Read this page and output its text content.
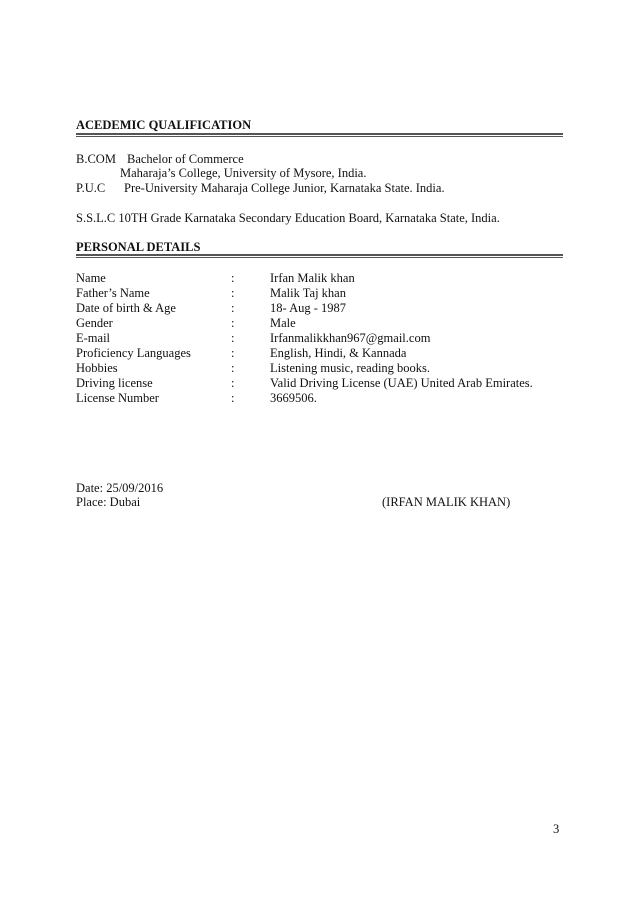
ACEDEMIC QUALIFICATION
B.COM Bachelor of Commerce
Maharaja’s College, University of Mysore, India.
P.U.C Pre-University Maharaja College Junior, Karnataka State. India.
S.S.L.C 10TH Grade Karnataka Secondary Education Board, Karnataka State, India.
PERSONAL DETAILS
Name	:	Irfan Malik khan
Father’s Name	:	Malik Taj khan
Date of birth & Age	:	18- Aug - 1987
Gender	:	Male
E-mail	:	Irfanmalikkhan967@gmail.com
Proficiency Languages	:	English, Hindi, & Kannada
Hobbies	:	Listening music, reading books.
Driving license	:	Valid Driving License (UAE) United Arab Emirates.
License Number	:	3669506.
Date: 25/09/2016
Place: Dubai	(IRFAN MALIK KHAN)
3
